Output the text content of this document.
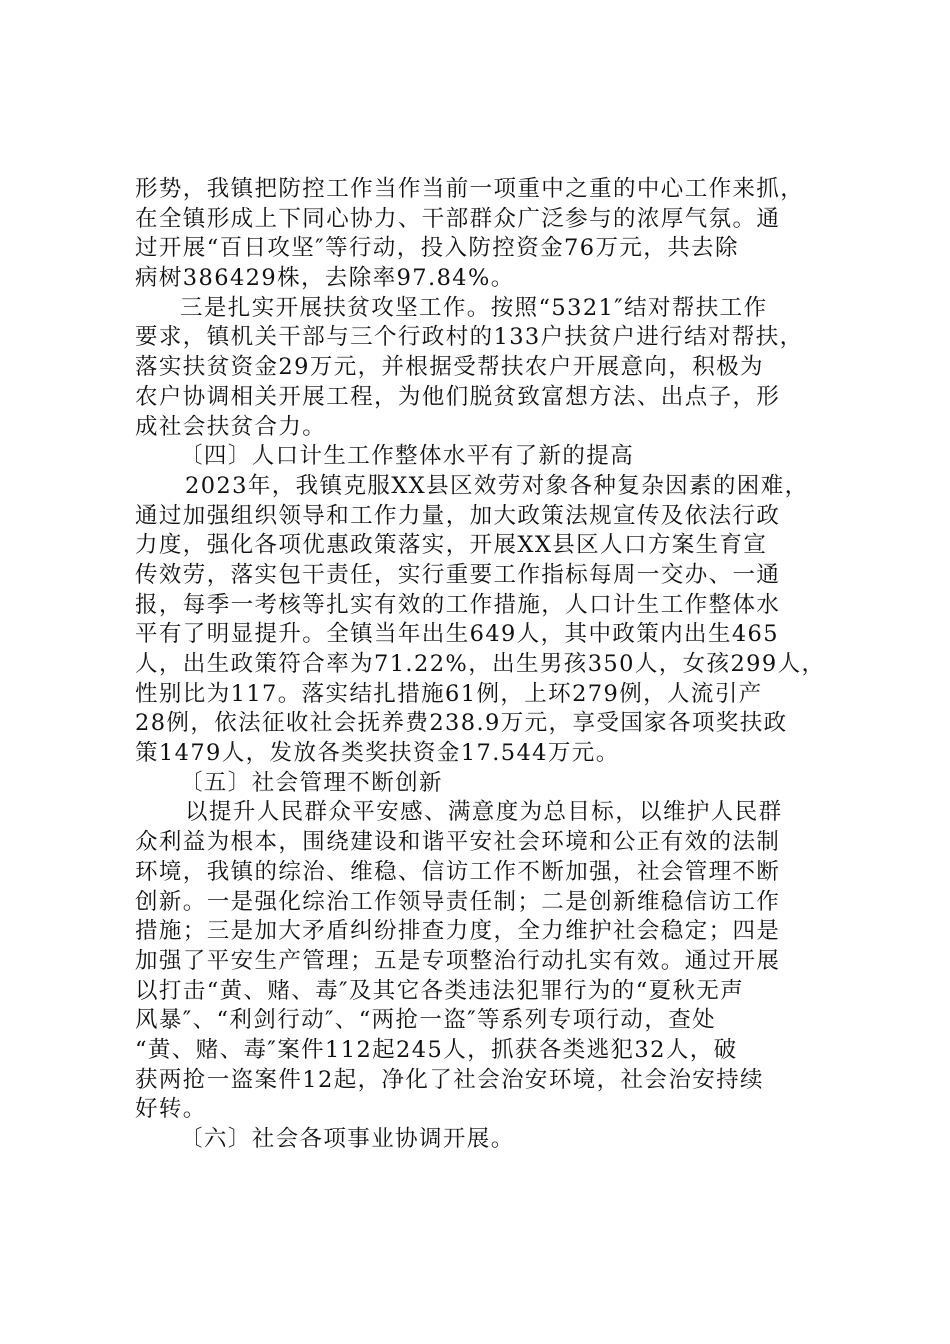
形势，我镇把防控工作当作当前一项重中之重的中心工作来抓，
在全镇形成上下同心协力、干部群众广泛参与的浓厚气氛。通
过开展“百日攻坚″等行动，投入防控资金76万元，共去除
病树386429株，去除率97.84%。
三是扎实开展扶贫攻坚工作。按照“5321″结对帮扶工作
要求，镇机关干部与三个行政村的133户扶贫户进行结对帮扶，
落实扶贫资金29万元，并根据受帮扶农户开展意向，积极为
农户协调相关开展工程，为他们脱贫致富想方法、出点子，形
成社会扶贫合力。
〔四〕人口计生工作整体水平有了新的提高
2023年，我镇克服XX县区效劳对象各种复杂因素的困难，
通过加强组织领导和工作力量，加大政策法规宣传及依法行政
力度，强化各项优惠政策落实，开展XX县区人口方案生育宣
传效劳，落实包干责任，实行重要工作指标每周一交办、一通
报，每季一考核等扎实有效的工作措施，人口计生工作整体水
平有了明显提升。全镇当年出生649人，其中政策内出生465
人，出生政策符合率为71.22%，出生男孩350人，女孩299人，
性别比为117。落实结扎措施61例，上环279例，人流引产
28例，依法征收社会抚养费238.9万元，享受国家各项奖扶政
策1479人，发放各类奖扶资金17.544万元。
〔五〕社会管理不断创新
以提升人民群众平安感、满意度为总目标，以维护人民群
众利益为根本，围绕建设和谐平安社会环境和公正有效的法制
环境，我镇的综治、维稳、信访工作不断加强，社会管理不断
创新。一是强化综治工作领导责任制；二是创新维稳信访工作
措施；三是加大矛盾纠纷排查力度，全力维护社会稳定；四是
加强了平安生产管理；五是专项整治行动扎实有效。通过开展
以打击“黄、赌、毒″及其它各类违法犯罪行为的“夏秋无声
风暴″、“利剑行动″、“两抢一盗″等系列专项行动，查处
“黄、赌、毒″案件112起245人，抓获各类逃犯32人，破
获两抢一盗案件12起，净化了社会治安环境，社会治安持续
好转。
〔六〕社会各项事业协调开展。
